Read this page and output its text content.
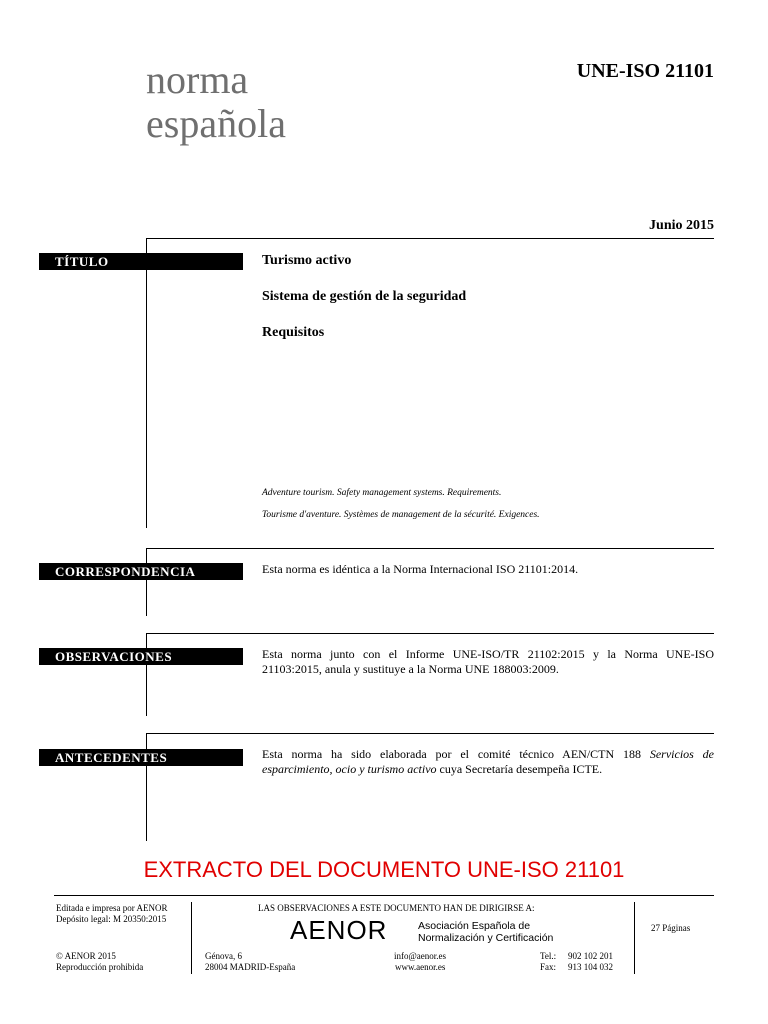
norma
española
UNE-ISO 21101
Junio 2015
TÍTULO	Turismo activo
Sistema de gestión de la seguridad
Requisitos
Adventure tourism. Safety management systems. Requirements.
Tourisme d'aventure. Systèmes de management de la sécurité. Exigences.
CORRESPONDENCIA	Esta norma es idéntica a la Norma Internacional ISO 21101:2014.
OBSERVACIONES	Esta norma junto con el Informe UNE-ISO/TR 21102:2015 y la Norma UNE-ISO 21103:2015, anula y sustituye a la Norma UNE 188003:2009.
ANTECEDENTES	Esta norma ha sido elaborada por el comité técnico AEN/CTN 188 Servicios de esparcimiento, ocio y turismo activo cuya Secretaría desempeña ICTE.
EXTRACTO DEL DOCUMENTO UNE-ISO 21101
Editada e impresa por AENOR
Depósito legal: M 20350:2015
LAS OBSERVACIONES A ESTE DOCUMENTO HAN DE DIRIGIRSE A:
AENOR	Asociación Española de
Normalización y Certificación
27 Páginas
© AENOR 2015
Reproducción prohibida
Génova, 6
28004 MADRID-España
info@aenor.es
www.aenor.es
Tel.: 902 102 201
Fax: 913 104 032
